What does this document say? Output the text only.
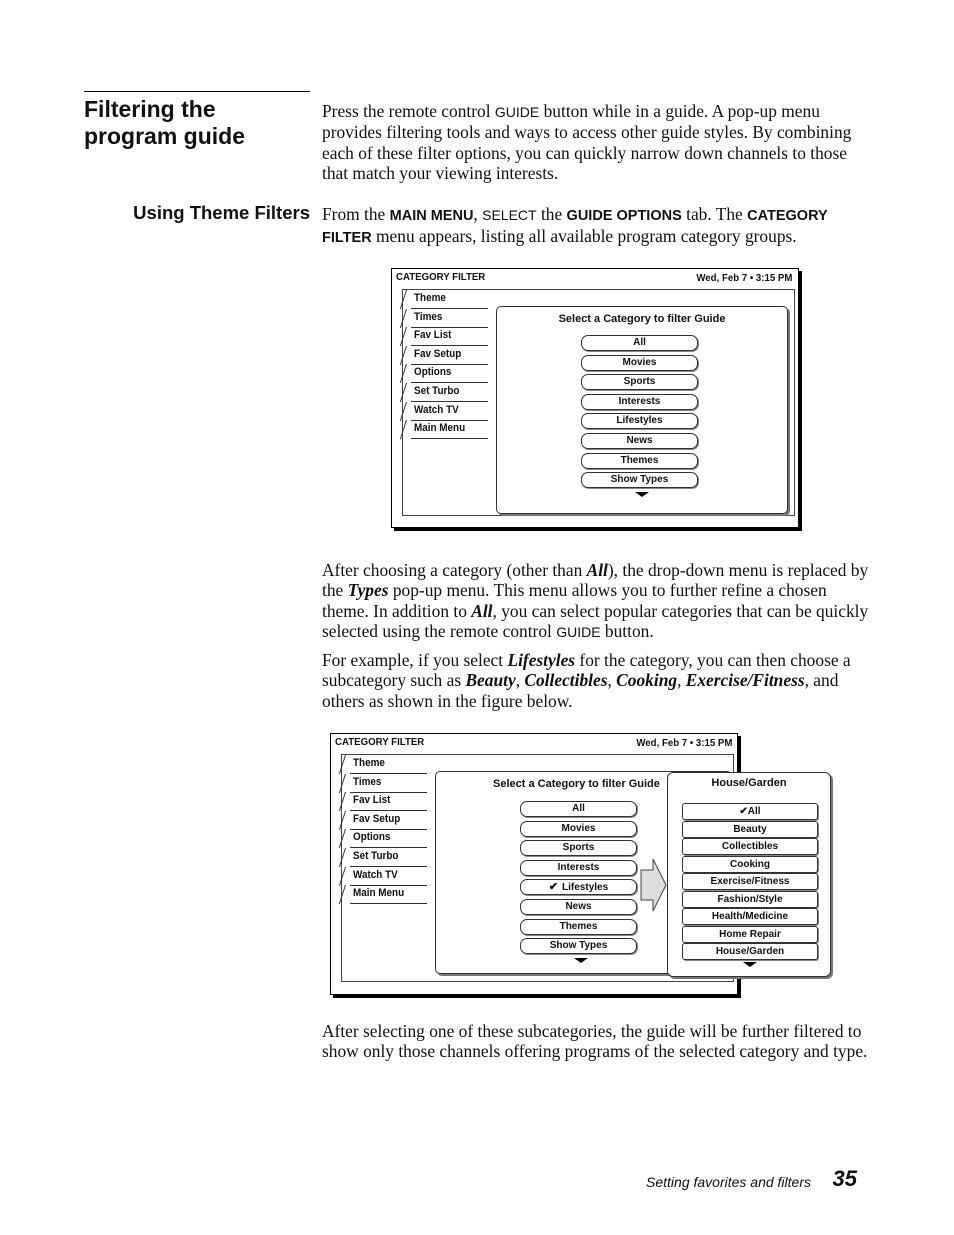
Filtering the program guide
Using Theme Filters

Press the remote control GUIDE button while in a guide. A pop-up menu provides filtering tools and ways to access other guide styles. By combining each of these filter options, you can quickly narrow down channels to those that match your viewing interests.

From the MAIN MENU, SELECT the GUIDE OPTIONS tab. The CATEGORY FILTER menu appears, listing all available program category groups.

CATEGORY FILTER	Wed, Feb 7 • 3:15 PM
Theme
Times
Fav List
Fav Setup
Options
Set Turbo
Watch TV
Main Menu
Select a Category to filter Guide
All
Movies
Sports
Interests
Lifestyles
News
Themes
Show Types

After choosing a category (other than All), the drop-down menu is replaced by the Types pop-up menu. This menu allows you to further refine a chosen theme. In addition to All, you can select popular categories that can be quickly selected using the remote control GUIDE button.

For example, if you select Lifestyles for the category, you can then choose a subcategory such as Beauty, Collectibles, Cooking, Exercise/Fitness, and others as shown in the figure below.

CATEGORY FILTER	Wed, Feb 7 • 3:15 PM
Theme
Times
Fav List
Fav Setup
Options
Set Turbo
Watch TV
Main Menu
Select a Category to filter Guide
All
Movies
Sports
Interests
✔ Lifestyles
News
Themes
Show Types
House/Garden
✔All
Beauty
Collectibles
Cooking
Exercise/Fitness
Fashion/Style
Health/Medicine
Home Repair
House/Garden

After selecting one of these subcategories, the guide will be further filtered to show only those channels offering programs of the selected category and type.

Setting favorites and filters 35
